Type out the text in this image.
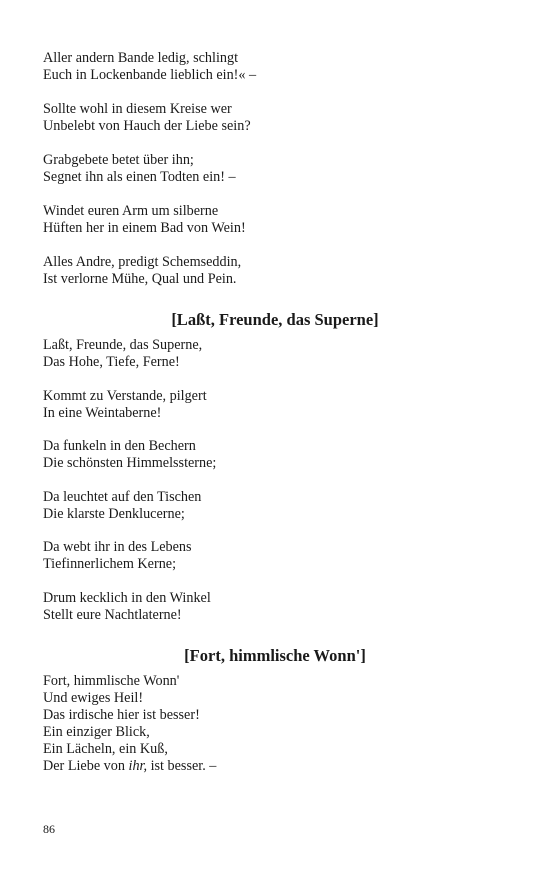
Aller andern Bande ledig, schlingt
Euch in Lockenbande lieblich ein!« –

Sollte wohl in diesem Kreise wer
Unbelebt von Hauch der Liebe sein?

Grabgebete betet über ihn;
Segnet ihn als einen Todten ein! –

Windet euren Arm um silberne
Hüften her in einem Bad von Wein!

Alles Andre, predigt Schemseddin,
Ist verlorne Mühe, Qual und Pein.

[Laßt, Freunde, das Superne]

Laßt, Freunde, das Superne,
Das Hohe, Tiefe, Ferne!

Kommt zu Verstande, pilgert
In eine Weintaberne!

Da funkeln in den Bechern
Die schönsten Himmelssterne;

Da leuchtet auf den Tischen
Die klarste Denklucerne;

Da webt ihr in des Lebens
Tiefinnerlichem Kerne;

Drum kecklich in den Winkel
Stellt eure Nachtlaterne!

[Fort, himmlische Wonn']

Fort, himmlische Wonn'
Und ewiges Heil!
Das irdische hier ist besser!
Ein einziger Blick,
Ein Lächeln, ein Kuß,
Der Liebe von ihr, ist besser. –

86
